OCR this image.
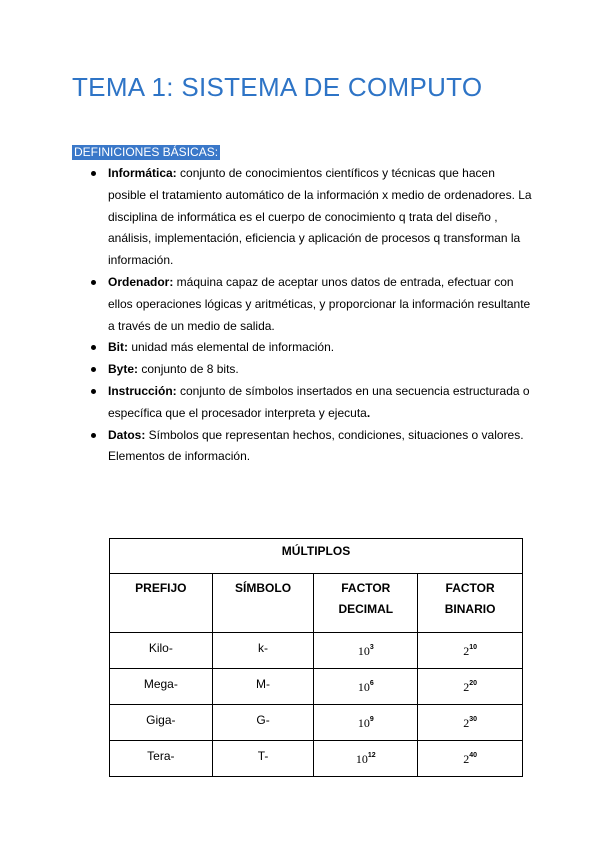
TEMA 1: SISTEMA DE COMPUTO
DEFINICIONES BÁSICAS:
Informática: conjunto de conocimientos científicos y técnicas que hacen posible el tratamiento automático de la información x medio de ordenadores. La disciplina de informática es el cuerpo de conocimiento q trata del diseño , análisis, implementación, eficiencia y aplicación de procesos q transforman la información.
Ordenador: máquina capaz de aceptar unos datos de entrada, efectuar con ellos operaciones lógicas y aritméticas, y proporcionar la información resultante a través de un medio de salida.
Bit: unidad más elemental de información.
Byte: conjunto de 8 bits.
Instrucción: conjunto de símbolos insertados en una secuencia estructurada o específica que el procesador interpreta y ejecuta.
Datos: Símbolos que representan hechos, condiciones, situaciones o valores. Elementos de información.
MÚLTIPLOS			
PREFIJO	SÍMBOLO	FACTOR DECIMAL	FACTOR BINARIO
Kilo-	k-	$10^3$	$2^{10}$
Mega-	M-	$10^6$	$2^{20}$
Giga-	G-	$10^9$	$2^{30}$
Tera-	T-	$10^{12}$	$2^{40}$
